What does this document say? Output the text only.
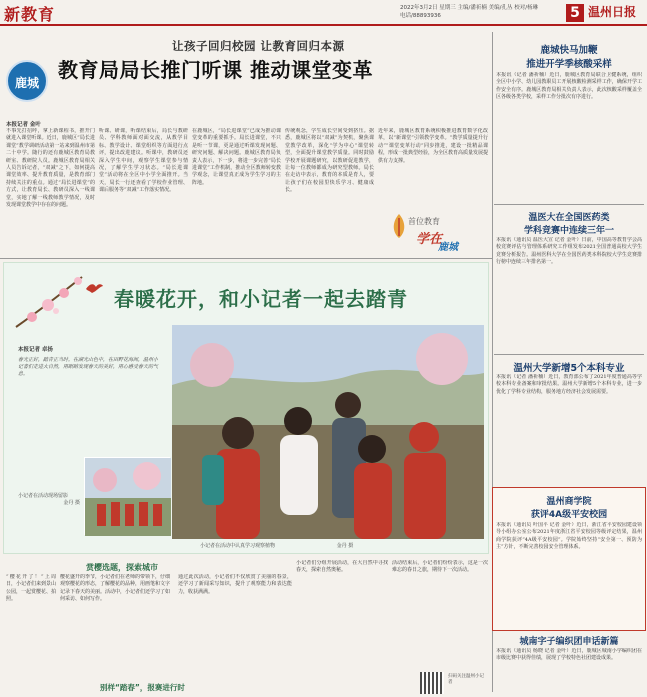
新教育	2022年3月2日 星期三 主编/潘祈楠 美编/孔丛 校对/杨琳
电话/88893936	5 温州日报
鹿城
让孩子回归校园 让教育回归本源
教育局局长推门听课 推动课堂变革
本报记者 金叶
不事先打招呼，拿上新课程书，推开门就进入课堂听课。近日，鹿城区“局长进课堂”教学调研活动第一站来到温州市第二十中学。随行的还有鹿城区教育局教研室、教研院人员。鹿城区教育局相关人员告诉记者，“双减”之下，如何提高课堂效率、提升教育质量，是教育部门持续关注的重点。通过“局长进课堂”的方式，让教育局长、教研员深入一线课堂，实地了解一线教师教学情况，及时发现课堂教学中存在的问题。
听课、研课，听课结束后，局长与教研员、学科教师面对面交流，从教学目标、教学设计、课堂组织等方面进行点评，提出改进建议。听课中，教研员还深入学生中间，观察学生课堂参与情况，了解学生学习状态。“局长进课堂”活动将在全区中小学全面推开。当天，局长一行还查看了学校作业管理、课后服务等“双减”工作落实情况。
在鹿城区，“局长进课堂”已成为推动课堂变革的重要抓手。局长进课堂，不只是听一节课，更是通过听课发现问题、研究问题、解决问题。鹿城区教育局负责人表示，下一步，将进一步完善“局长进课堂”工作机制，推动全区教师转变教学观念，让课堂真正成为学生学习的主阵地。
传统观念，学生成长空间受到挤压。据悉，鹿城区将以“双减”为契机，聚焦课堂教学改革，深化“学为中心”课堂转型，全面提升课堂教学质量。同时鼓励学校开展课题研究，以教研促进教学，让每一位教师都成为研究型教师。局长在走访中表示，教育的本质是育人，要让孩子们在校园里快乐学习、健康成长。
近年来，鹿城区教育系统积极推进教育数字化改革，以“新课堂”引领教学变革。“教学质量提升行动”“课堂变革行动”同步推进，建设一批精品课程，形成一批典型经验，为全区教育高质量发展提供有力支撑。
首位教育
学在
鹿城
春暖花开，和小记者一起去踏青
本报记者 卓扬
春光正好，踏青正当时。在湖光山色中，在田野花海间，温州小记者们走进大自然，用眼睛发现春天的美好，用心感受春天的气息。
小记者在活动现场留影
金丹 摄
小记者在活动中认真学习观察植物	金丹 摄
赏樱选题，探索城市
“樱花开了！”上周日，小记者们来到景山公园，一起赏樱花、拍照。
樱花盛开的季节，小记者们在老师的带领下，仔细观察樱花的形态，了解樱花的品种，用画笔和文字记录下春天的美丽。活动中，小记者们还学习了如何采访、如何写作。
通过此次活动，小记者们不仅欣赏了美丽的春景，还学习了新闻采写知识，提升了观察能力和表达能力，收获满满。
小记者们分组开展活动，在大自然中寻找春天，探索自然奥秘。
活动结束后，小记者们纷纷表示，这是一次难忘的春日之旅，期待下一次活动。
别样“踏春”，报赛进行时
扫码关注温州小记者
鹿城快马加鞭
推进开学季核酸采样
本报讯（记者 潘祈楠）近日，鹿城区教育局联合卫健系统，组织全区中小学、幼儿园教职员工开展核酸检测采样工作，确保开学工作安全有序。鹿城区教育局相关负责人表示，此次核酸采样覆盖全区各级各类学校，采样工作分批次有序进行。
温医大在全国医药类
学科竞赛中连续三年一
本报讯（通讯员 温医大宣 记者 金叶）日前，中国高等教育学会高校竞赛评估与管理体系研究工作组发布2021全国普通高校大学生竞赛分析报告。温州医科大学在全国医药类本科院校大学生竞赛排行榜中连续三年排名第一。
温州大学新增5个本科专业
本报讯（记者 潘祈楠）近日，教育部公布了2021年度普通高等学校本科专业备案和审批结果。温州大学新增5个本科专业，进一步优化了学科专业结构，服务地方经济社会发展需要。
温州商学院
获评4A级平安校园
本报讯（通讯员 叶国平 记者 金叶）近日，浙江省平安校园建设领导小组办公室公布2021年度浙江省平安校园等级评定结果，温州商学院获评“4A级平安校园”。学院始终坚持“安全第一、预防为主”方针，不断完善校园安全管理体系。
城南字子编织团申话新篇
本报讯（通讯员 杨晓 记者 金叶）近日，鹿城区城南小学编织团在市级比赛中获得佳绩，展现了学校特色社团建设成果。
